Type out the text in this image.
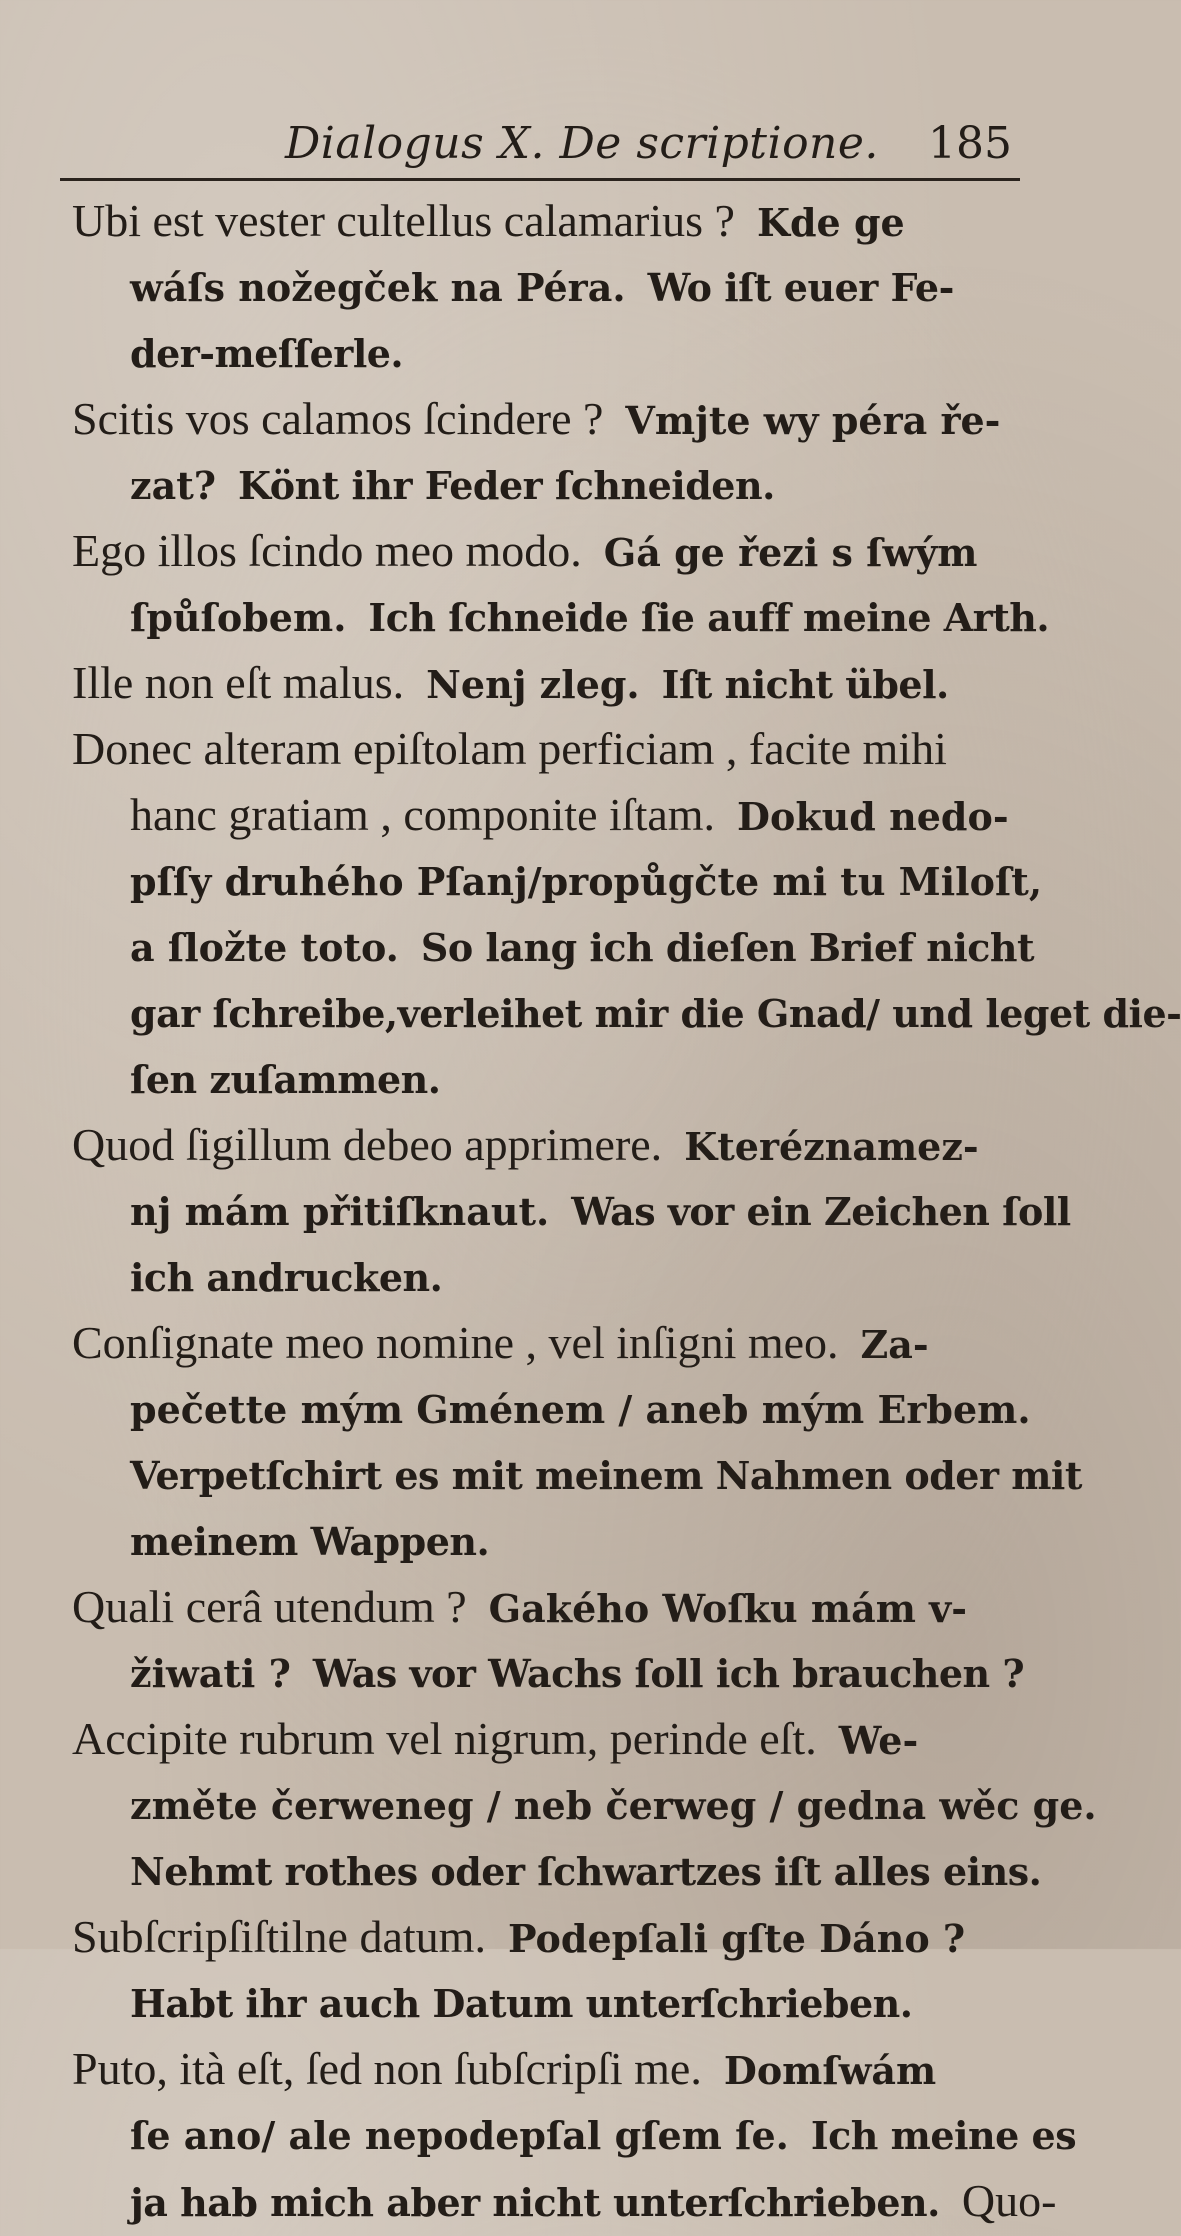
Dialogus X. De scriptione. 185
Ubi est vester cultellus calamarius ? Kde ge
wáſs nožegček na Péra. Wo iſt euer Fe-
der-meſſerle.
Scitis vos calamos ſcindere ? Vmjte wy péra ře-
zat? Könt ihr Feder ſchneiden.
Ego illos ſcindo meo modo. Gá ge řezi s ſwým
ſpůſobem. Ich ſchneide ſie auff meine Arth.
Ille non eſt malus. Nenj zleg. Iſt nicht übel.
Donec alteram epiſtolam perficiam , facite mihi
hanc gratiam , componite iſtam. Dokud nedo-
pſſy druhého Pſanj/propůgčte mi tu Miloſt,
a ſložte toto. So lang ich dieſen Brief nicht
gar ſchreibe,verleihet mir die Gnad/ und leget die-
ſen zuſammen.
Quod ſigillum debeo apprimere. Kteréznamez-
nj mám přitiſknaut. Was vor ein Zeichen ſoll
ich andrucken.
Conſignate meo nomine , vel inſigni meo. Za-
pečette mým Gménem / aneb mým Erbem.
Verpetſchirt es mit meinem Nahmen oder mit
meinem Wappen.
Quali cerâ utendum ? Gakého Woſku mám v-
žiwati ? Was vor Wachs ſoll ich brauchen ?
Accipite rubrum vel nigrum, perinde eſt. We-
změte čerweneg / neb čerweg / gedna wěc ge.
Nehmt rothes oder ſchwartzes iſt alles eins.
Subſcripſiſtilne datum. Podepſali gſte Dáno ?
Habt ihr auch Datum unterſchrieben.
Puto, ità eſt, ſed non ſubſcripſi me. Domſwám
ſe ano/ ale nepodepſal gſem ſe. Ich meine es
ja hab mich aber nicht unterſchrieben. Quo-
